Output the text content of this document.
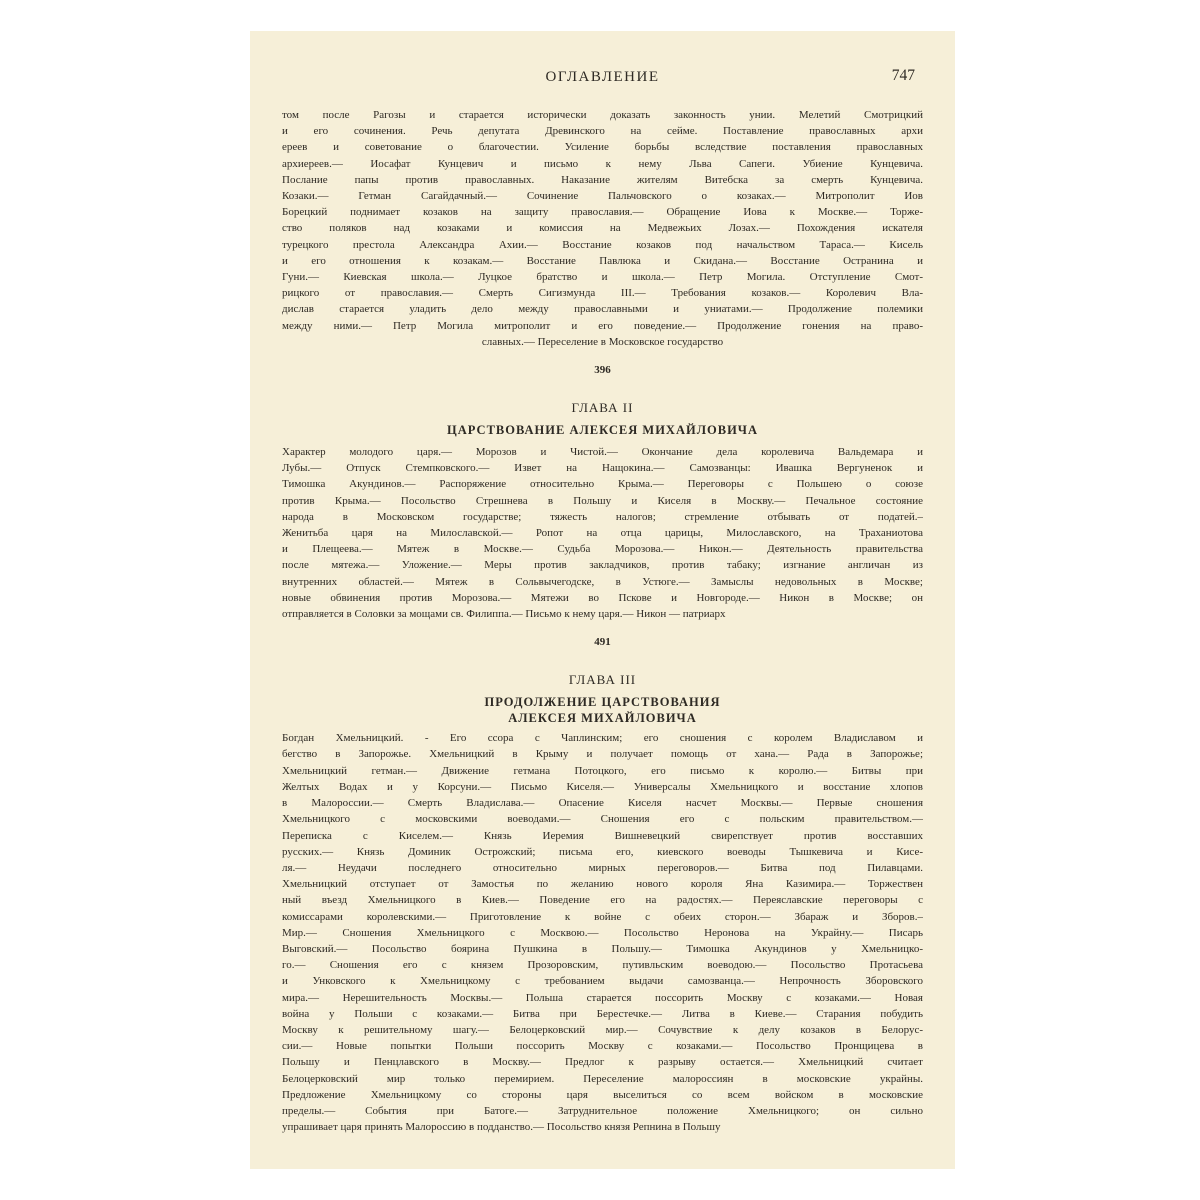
ОГЛАВЛЕНИЕ	747
том после Рагозы и старается исторически доказать законность унии. Мелетий Смотрицкий
и его сочинения. Речь депутата Древинского на сейме. Поставление православных архи
ереев и советование о благочестии. Усиление борьбы вследствие поставления православных
архиереев.— Иосафат Кунцевич и письмо к нему Льва Сапеги. Убиение Кунцевича.
Послание папы против православных. Наказание жителям Витебска за смерть Кунцевича.
Козаки.— Гетман Сагайдачный.— Сочинение Пальчовского о козаках.— Митрополит Иов
Борецкий поднимает козаков на защиту православия.— Обращение Иова к Москве.— Торже-
ство поляков над козаками и комиссия на Медвежьих Лозах.— Похождения искателя
турецкого престола Александра Ахии.— Восстание козаков под начальством Тараса.— Кисель
и его отношения к козакам.— Восстание Павлюка и Скидана.— Восстание Остранина и
Гуни.— Киевская школа.— Луцкое братство и школа.— Петр Могила. Отступление Смот-
рицкого от православия.— Смерть Сигизмунда III.— Требования козаков.— Королевич Вла-
дислав старается уладить дело между православными и униатами.— Продолжение полемики
между ними.— Петр Могила митрополит и его поведение.— Продолжение гонения на право-
славных.— Переселение в Московское государство
396
ГЛАВА II
ЦАРСТВОВАНИЕ АЛЕКСЕЯ МИХАЙЛОВИЧА
Характер молодого царя.— Морозов и Чистой.— Окончание дела королевича Вальдемара и
Лубы.— Отпуск Стемпковского.— Извет на Нащокина.— Самозванцы: Ивашка Вергуненок и
Тимошка Акундинов.— Распоряжение относительно Крыма.— Переговоры с Польшею о союзе
против Крыма.— Посольство Стрешнева в Польшу и Киселя в Москву.— Печальное состояние
народа в Московском государстве; тяжесть налогов; стремление отбывать от податей.–
Женитьба царя на Милославской.— Ропот на отца царицы, Милославского, на Траханиотова
и Плещеева.— Мятеж в Москве.— Судьба Морозова.— Никон.— Деятельность правительства
после мятежа.— Уложение.— Меры против закладчиков, против табаку; изгнание англичан из
внутренних областей.— Мятеж в Сольвычегодске, в Устюге.— Замыслы недовольных в Москве;
новые обвинения против Морозова.— Мятежи во Пскове и Новгороде.— Никон в Москве; он
отправляется в Соловки за мощами св. Филиппа.— Письмо к нему царя.— Никон — патриарх
491
ГЛАВА III
ПРОДОЛЖЕНИЕ ЦАРСТВОВАНИЯ
АЛЕКСЕЯ МИХАЙЛОВИЧА
Богдан Хмельницкий. - Его ссора с Чаплинским; его сношения с королем Владиславом и
бегство в Запорожье. Хмельницкий в Крыму и получает помощь от хана.— Рада в Запорожье;
Хмельницкий гетман.— Движение гетмана Потоцкого, его письмо к королю.— Битвы при
Желтых Водах и у Корсуни.— Письмо Киселя.— Универсалы Хмельницкого и восстание хлопов
в Малороссии.— Смерть Владислава.— Опасение Киселя насчет Москвы.— Первые сношения
Хмельницкого с московскими воеводами.— Сношения его с польским правительством.—
Переписка с Киселем.— Князь Иеремия Вишневецкий свирепствует против восставших
русских.— Князь Доминик Острожский; письма его, киевского воеводы Тышкевича и Кисе-
ля.— Неудачи последнего относительно мирных переговоров.— Битва под Пилавцами.
Хмельницкий отступает от Замостья по желанию нового короля Яна Казимира.— Торжествен
ный въезд Хмельницкого в Киев.— Поведение его на радостях.— Переяславские переговоры с
комиссарами королевскими.— Приготовление к войне с обеих сторон.— Збараж и Зборов.–
Мир.— Сношения Хмельницкого с Москвою.— Посольство Неронова на Украйну.— Писарь
Выговский.— Посольство боярина Пушкина в Польшу.— Тимошка Акундинов у Хмельницко-
го.— Сношения его с князем Прозоровским, путивльским воеводою.— Посольство Протасьева
и Унковского к Хмельницкому с требованием выдачи самозванца.— Непрочность Зборовского
мира.— Нерешительность Москвы.— Польша старается поссорить Москву с козаками.— Новая
война у Польши с козаками.— Битва при Берестечке.— Литва в Киеве.— Старания побудить
Москву к решительному шагу.— Белоцерковский мир.— Сочувствие к делу козаков в Белорус-
сии.— Новые попытки Польши поссорить Москву с козаками.— Посольство Пронщицева в
Польшу и Пенцлавского в Москву.— Предлог к разрыву остается.— Хмельницкий считает
Белоцерковский мир только перемирием. Переселение малороссиян в московские украйны.
Предложение Хмельницкому со стороны царя выселиться со всем войском в московские
пределы.— События при Батоге.— Затруднительное положение Хмельницкого; он сильно
упрашивает царя принять Малороссию в подданство.— Посольство князя Репнина в Польшу
